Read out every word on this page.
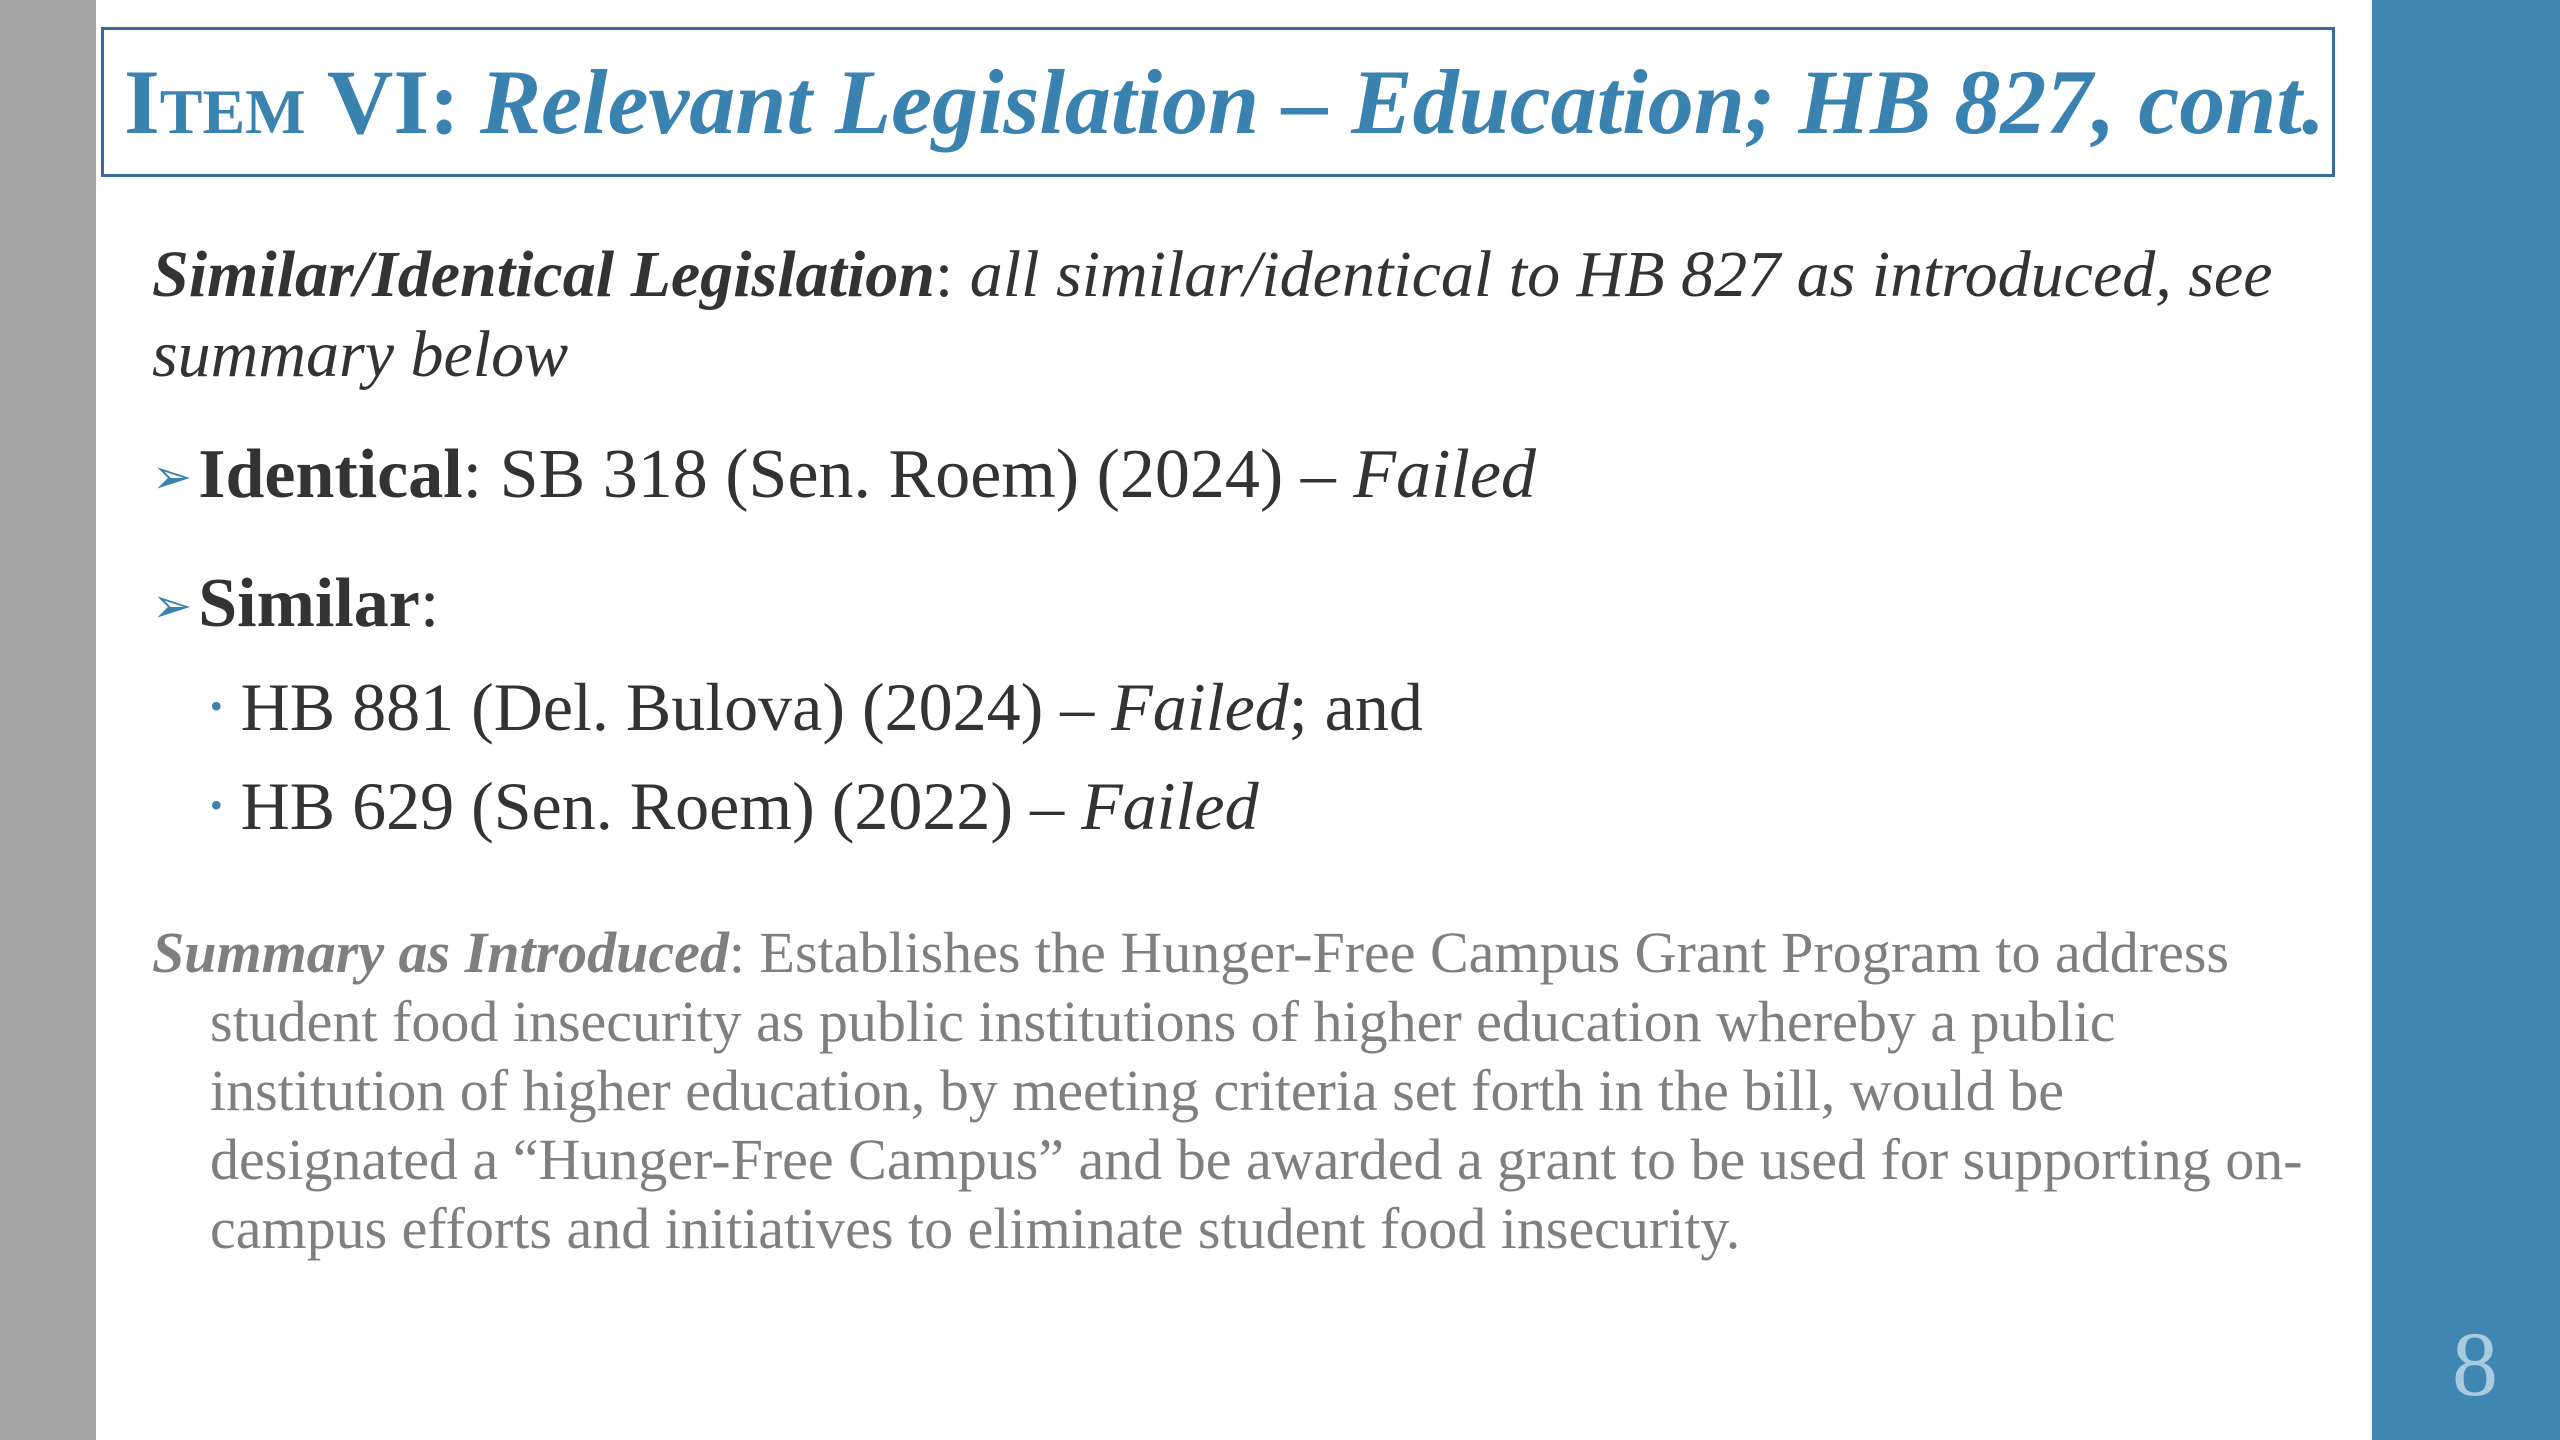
8
Item VI: Relevant Legislation – Education; HB 827, cont.

Similar/Identical Legislation: all similar/identical to HB 827 as introduced, see summary below

➢ Identical: SB 318 (Sen. Roem) (2024) – Failed
➢ Similar:
• HB 881 (Del. Bulova) (2024) – Failed; and
• HB 629 (Sen. Roem) (2022) – Failed

Summary as Introduced: Establishes the Hunger-Free Campus Grant Program to address student food insecurity as public institutions of higher education whereby a public institution of higher education, by meeting criteria set forth in the bill, would be designated a “Hunger-Free Campus” and be awarded a grant to be used for supporting on-campus efforts and initiatives to eliminate student food insecurity.
